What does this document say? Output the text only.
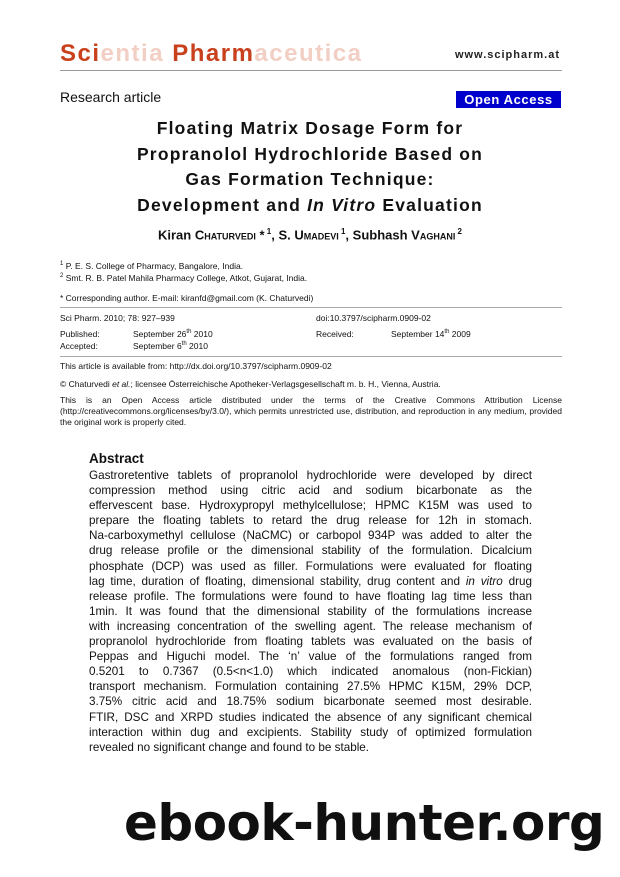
Scientia Pharmaceutica	www.scipharm.at
Research article	Open Access
Floating Matrix Dosage Form for
Propranolol Hydrochloride Based on
Gas Formation Technique:
Development and In Vitro Evaluation
Kiran Chaturvedi * $^1$, S. Umadevi $^1$, Subhash Vaghani $^2$
$^1$ P. E. S. College of Pharmacy, Bangalore, India.
$^2$ Smt. R. B. Patel Mahila Pharmacy College, Atkot, Gujarat, India.
* Corresponding author. E-mail: kiranfd@gmail.com (K. Chaturvedi)
Sci Pharm. 2010; 78: 927–939	doi:10.3797/scipharm.0909-02
Published:	September 26th 2010	Received:	September 14th 2009
Accepted:	September 6th 2010
This article is available from: http://dx.doi.org/10.3797/scipharm.0909-02
© Chaturvedi et al.; licensee Österreichische Apotheker-Verlagsgesellschaft m. b. H., Vienna, Austria.

This is an Open Access article distributed under the terms of the Creative Commons Attribution License (http://creativecommons.org/licenses/by/3.0/), which permits unrestricted use, distribution, and reproduction in any medium, provided the original work is properly cited.

Abstract
Gastroretentive tablets of propranolol hydrochloride were developed by direct
compression method using citric acid and sodium bicarbonate as the
effervescent base. Hydroxypropyl methylcellulose; HPMC K15M was used to
prepare the floating tablets to retard the drug release for 12h in stomach.
Na-carboxymethyl cellulose (NaCMC) or carbopol 934P was added to alter the
drug release profile or the dimensional stability of the formulation. Dicalcium
phosphate (DCP) was used as filler. Formulations were evaluated for floating
lag time, duration of floating, dimensional stability, drug content and in vitro drug
release profile. The formulations were found to have floating lag time less than
1min. It was found that the dimensional stability of the formulations increase
with increasing concentration of the swelling agent. The release mechanism of
propranolol hydrochloride from floating tablets was evaluated on the basis of
Peppas and Higuchi model. The ‘n’ value of the formulations ranged from
0.5201 to 0.7367 (0.5<n<1.0) which indicated anomalous (non-Fickian)
transport mechanism. Formulation containing 27.5% HPMC K15M, 29% DCP,
3.75% citric acid and 18.75% sodium bicarbonate seemed most desirable.
FTIR, DSC and XRPD studies indicated the absence of any significant chemical
interaction within dug and excipients. Stability study of optimized formulation
revealed no significant change and found to be stable.
ebook-hunter.org
